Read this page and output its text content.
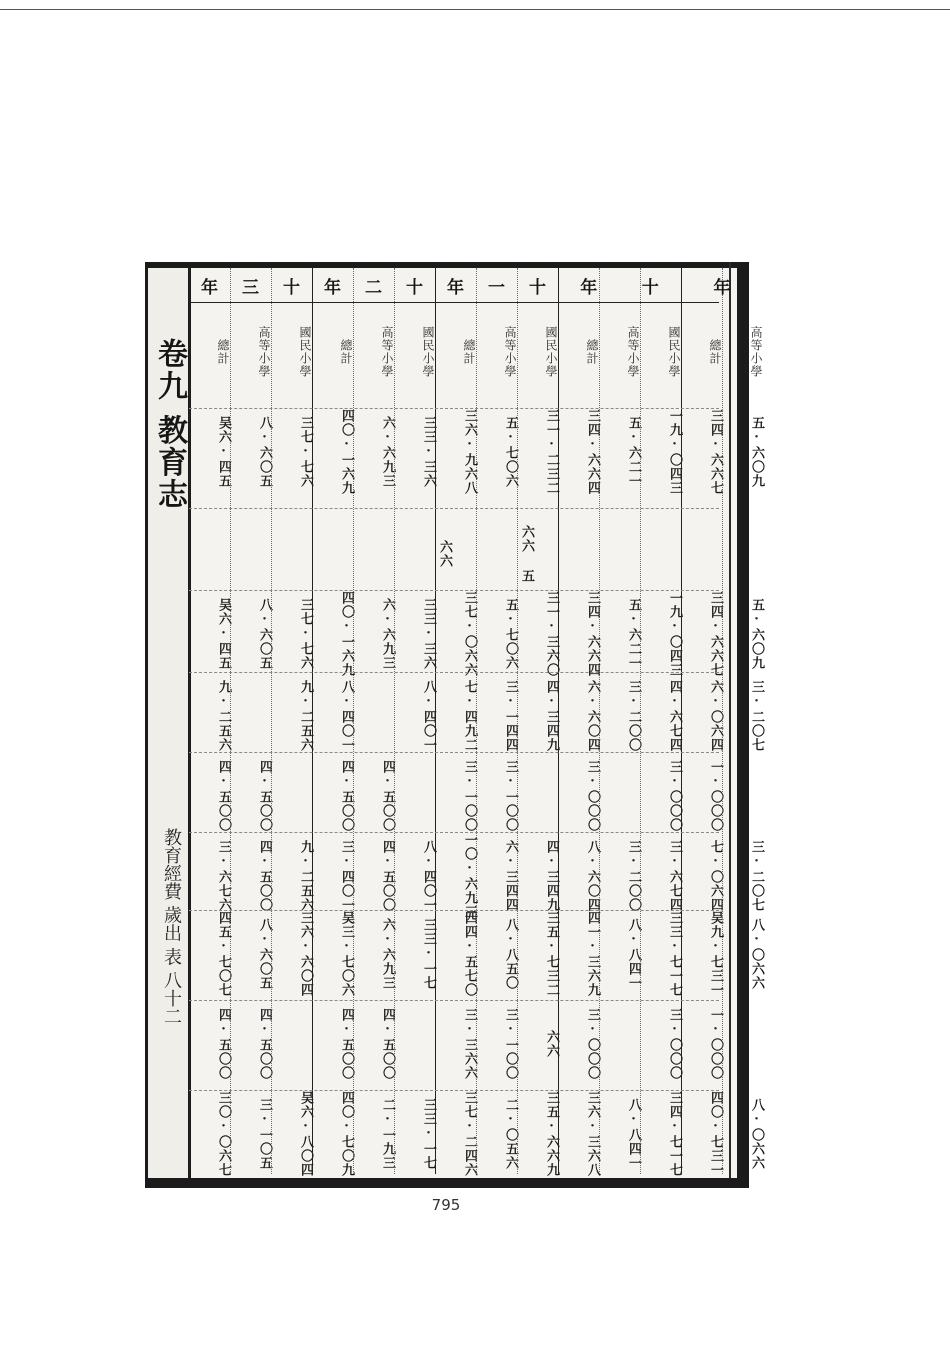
卷九 教育志
教育經費 歲出 表 八十二
總計
吴六·四五
吴六·四五
九·二五六
四·五〇〇
三·六七六
四五·七〇七
四·五〇〇
三〇·〇六七
高等小學
八·六〇五
八·六〇五
四·五〇〇
四·五〇〇
八·六〇五
四·五〇〇
三·一〇五
國民小學
三七·七六
三七·七六
九·二五六
九·二五六
三六·六〇四
吴六·八〇四
總計
四〇·一六九
四〇·一六九
八·四〇一
四·五〇〇
三·四〇一
吴三·七〇六
四·五〇〇
四〇·七〇九
高等小學
六·六九三
六·六九三
四·五〇〇
四·五〇〇
六·六九三
四·五〇〇
二·一九三
國民小學
三三·三六
三三·三六
八·四〇一
八·四〇一
三三·一七
三三·一七
總計
三六·九六八
六六
三七·〇六六
七·四九二
三·一〇〇
一〇·六九三
四四·五七〇
三·三六六
三七·二四六
高等小學
五·七〇六
五·七〇六
三·一四四
三·一〇〇
六·三四四
八·八五〇
三·一〇〇
二·〇五六
國民小學
三一·二三二
六六 五
三一·三六〇
四·三四九
四·三四九
三五·七三二
六六
三五·六六九
總計
三四·六六四
三四·六六四
六·六〇四
三·〇〇〇
八·六〇四
四一·三六九
三·〇〇〇
三六·三六八
高等小學
五·六二一
五·六二一
三·二〇〇
三·二〇〇
八·八四一
八·八四一
國民小學
一九·〇四三
一九·〇四三
四·六七四
三·〇〇〇
三·六七四
三三·七一七
三·〇〇〇
三四·七一七
總計
三四·六六七
三四·六六七
六·〇六四
一·〇〇〇
七·〇六四
吴九·七三一
一·〇〇〇
四〇·七三一
高等小學
五·六〇九
五·六〇九
三·二〇七
三·二〇七
八·〇六六
八·〇六六
年 三 十 年 二 十 年 一 十 年	十	年
795
